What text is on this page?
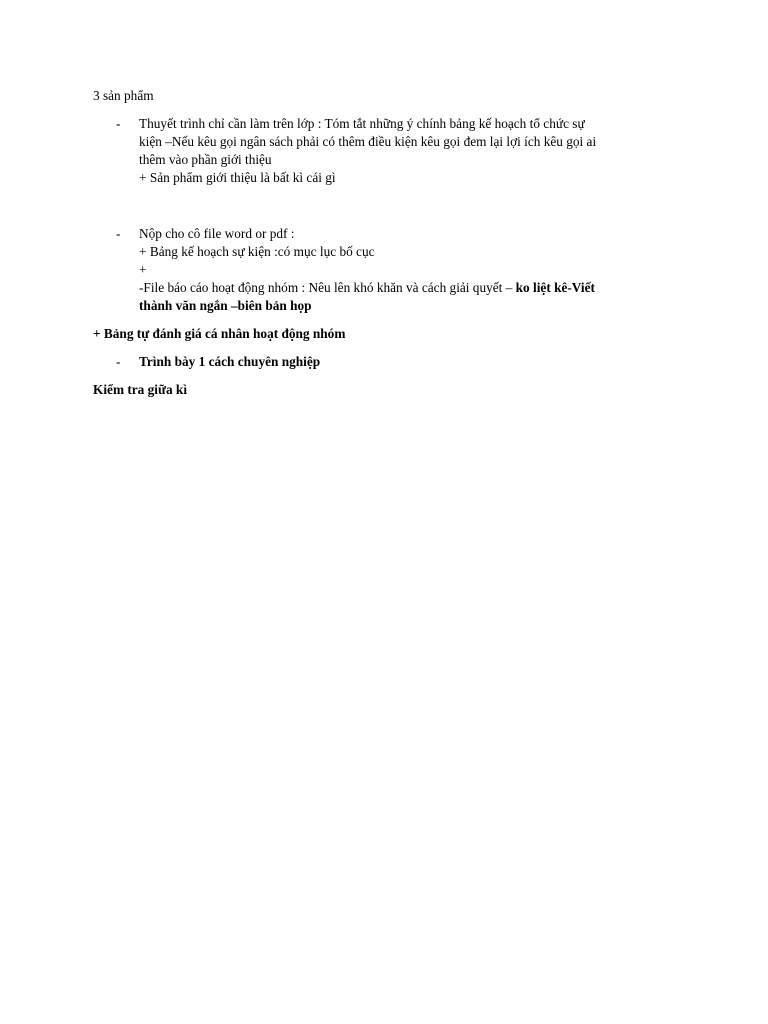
3 sản phẩm
- Thuyết trình chỉ cần làm trên lớp : Tóm tắt những ý chính bảng kế hoạch tổ chức sự
kiện –Nếu kêu gọi ngân sách phải có thêm điều kiện kêu gọi đem lại lợi ích kêu gọi ai
thêm vào phần giới thiệu
+ Sản phẩm giới thiệu là bất kì cái gì
- Nộp cho cô file word or pdf :
+ Bảng kế hoạch sự kiện :có mục lục bố cục
+
-File báo cáo hoạt động nhóm : Nêu lên khó khăn và cách giải quyết – ko liệt kê-Viết
thành văn ngắn –biên bản họp
+ Bảng tự đánh giá cá nhân hoạt động nhóm
- Trình bày 1 cách chuyên nghiệp
Kiểm tra giữa kì
